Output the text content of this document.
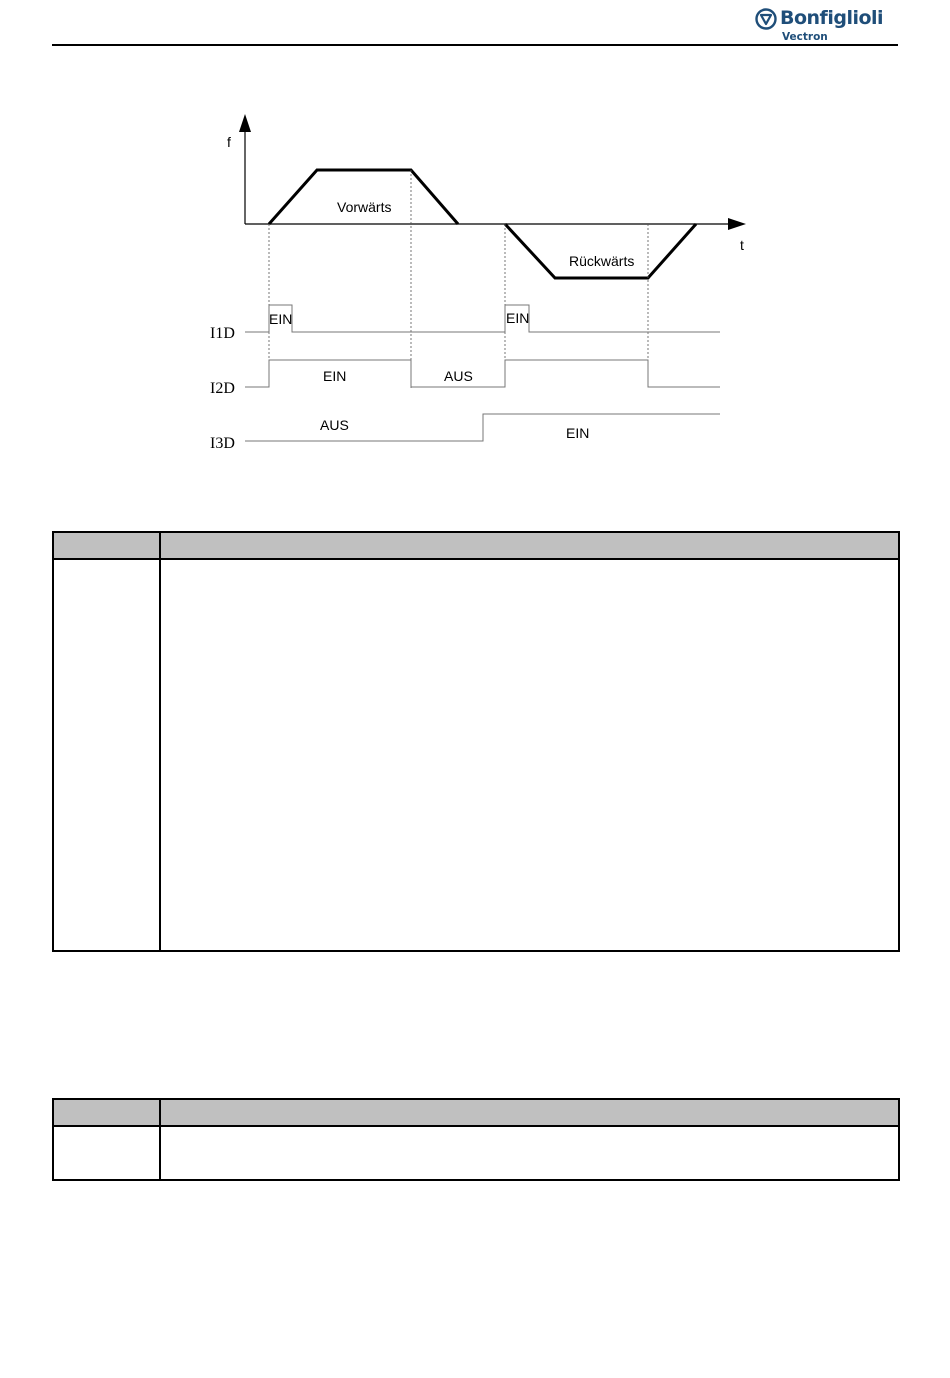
Bonfiglioli
Vectron
f
t
Vorwärts
Rückwärts
I1D
I2D
I3D
EIN	EIN
EIN	AUS
AUS	EIN
